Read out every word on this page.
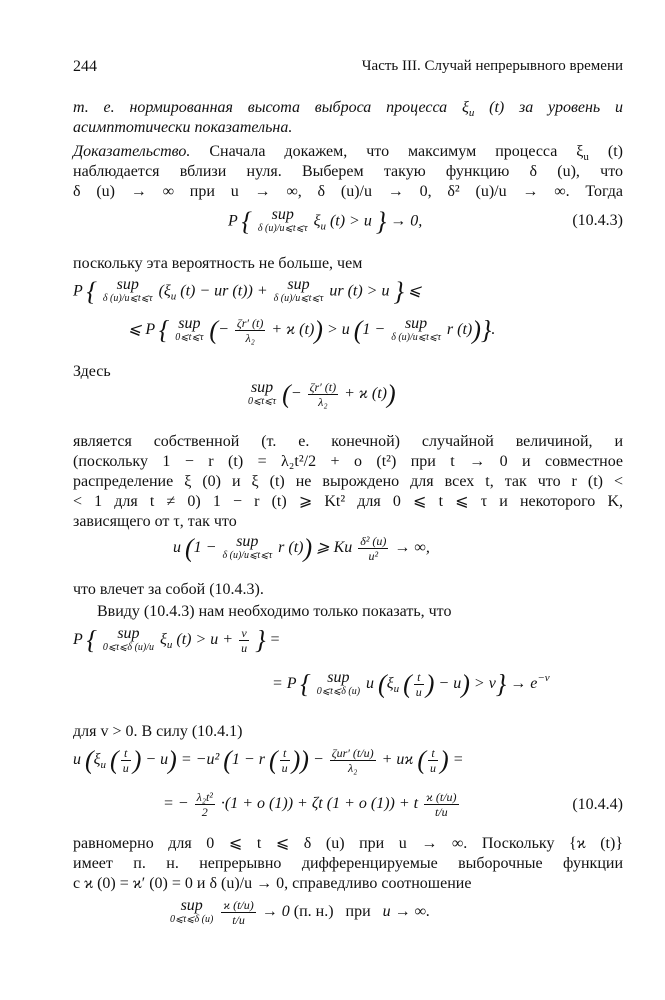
244	Часть III. Случай непрерывного времени
т. е. нормированная высота выброса процесса $\xi_u$ (t) за уровень и
асимптотически показательна.
Доказательство. Сначала докажем, что максимум процесса $\xi_u$ (t)
наблюдается вблизи нуля. Выберем такую функцию δ (u), что
δ (u) → ∞ при u → ∞, δ (u)/u → 0, δ² (u)/u → ∞. Тогда
P {	sup
δ (u)/u⩽t⩽τ $\xi_u$ (t) > u } → 0,	(10.4.3)
поскольку эта вероятность не больше, чем
P {	sup
δ (u)/u⩽t⩽τ ($\xi_u$ (t) − ur (t)) + sup
δ (u)/u⩽t⩽τ ur (t) > u } ⩽
⩽ P { sup
0⩽t⩽τ (− $\frac{\zeta r' (t)}{\text{λ₂}} + ϰ$ (t)) > u (1 − sup
δ (u)/u⩽t⩽τ r (t))}.
Здесь
sup
0⩽t⩽τ (− $\frac{\zeta r' (t)}{\text{λ₂}} + ϰ$ (t))
является собственной (т. е. конечной) случайной величиной, и
(поскольку 1 − r (t) = λ₂t²/2 + o (t²) при t → 0 и совместное
распределение ξ (0) и ξ (t) не вырождено для всех t, так что r (t) <
< 1 для t ≠ 0) 1 − r (t) ⩾ Kt² для 0 ⩽ t ⩽ τ и некоторого K,
зависящего от τ, так что
u (1 − sup
δ (u)/u⩽t⩽τ r (t)) ⩾ Ku $\frac{\text{δ² (u)}}{\text{u²}}$ → ∞,
что влечет за собой (10.4.3).
Ввиду (10.4.3) нам необходимо только показать, что
P {	sup
0⩽t⩽δ (u)/u $\xi_u$ $(t) > u + \frac{v}{u}$ } =
= P {	sup
0⩽t⩽δ (u) u ($\xi_u$ ( $\frac{t}{u}$ ) − $u) > v\} \to e^{-v}$
для v > 0. В силу (10.4.1)
u ($\xi_u$ ( $\frac{t}{u}$ ) − u) = −u² (1 − r ( $\frac{t}{u}$ )) − $\frac{\text{ζur′ (t/u)}}{\text{λ₂}} + uϰ$ ( $\frac{t}{u}$ ) =
= − $\frac{\text{λ₂t²}}{2} \cdot(1 + o$ (1)) + ζt (1 + o (1)) + t $\frac{ϰ (t/u)}{t/u}$	(10.4.4)
равномерно для 0 ⩽ t ⩽ δ (u) при u → ∞. Поскольку {ϰ (t)}
имеет п. н. непрерывно дифференцируемые выборочные функции
с ϰ (0) = ϰ′ (0) = 0 и δ (u)/u → 0, справедливо соотношение
sup
0⩽t⩽δ (u)
$\frac{ϰ (t/u)}{t/u} \to 0$ (п. н.) при   u → ∞.
